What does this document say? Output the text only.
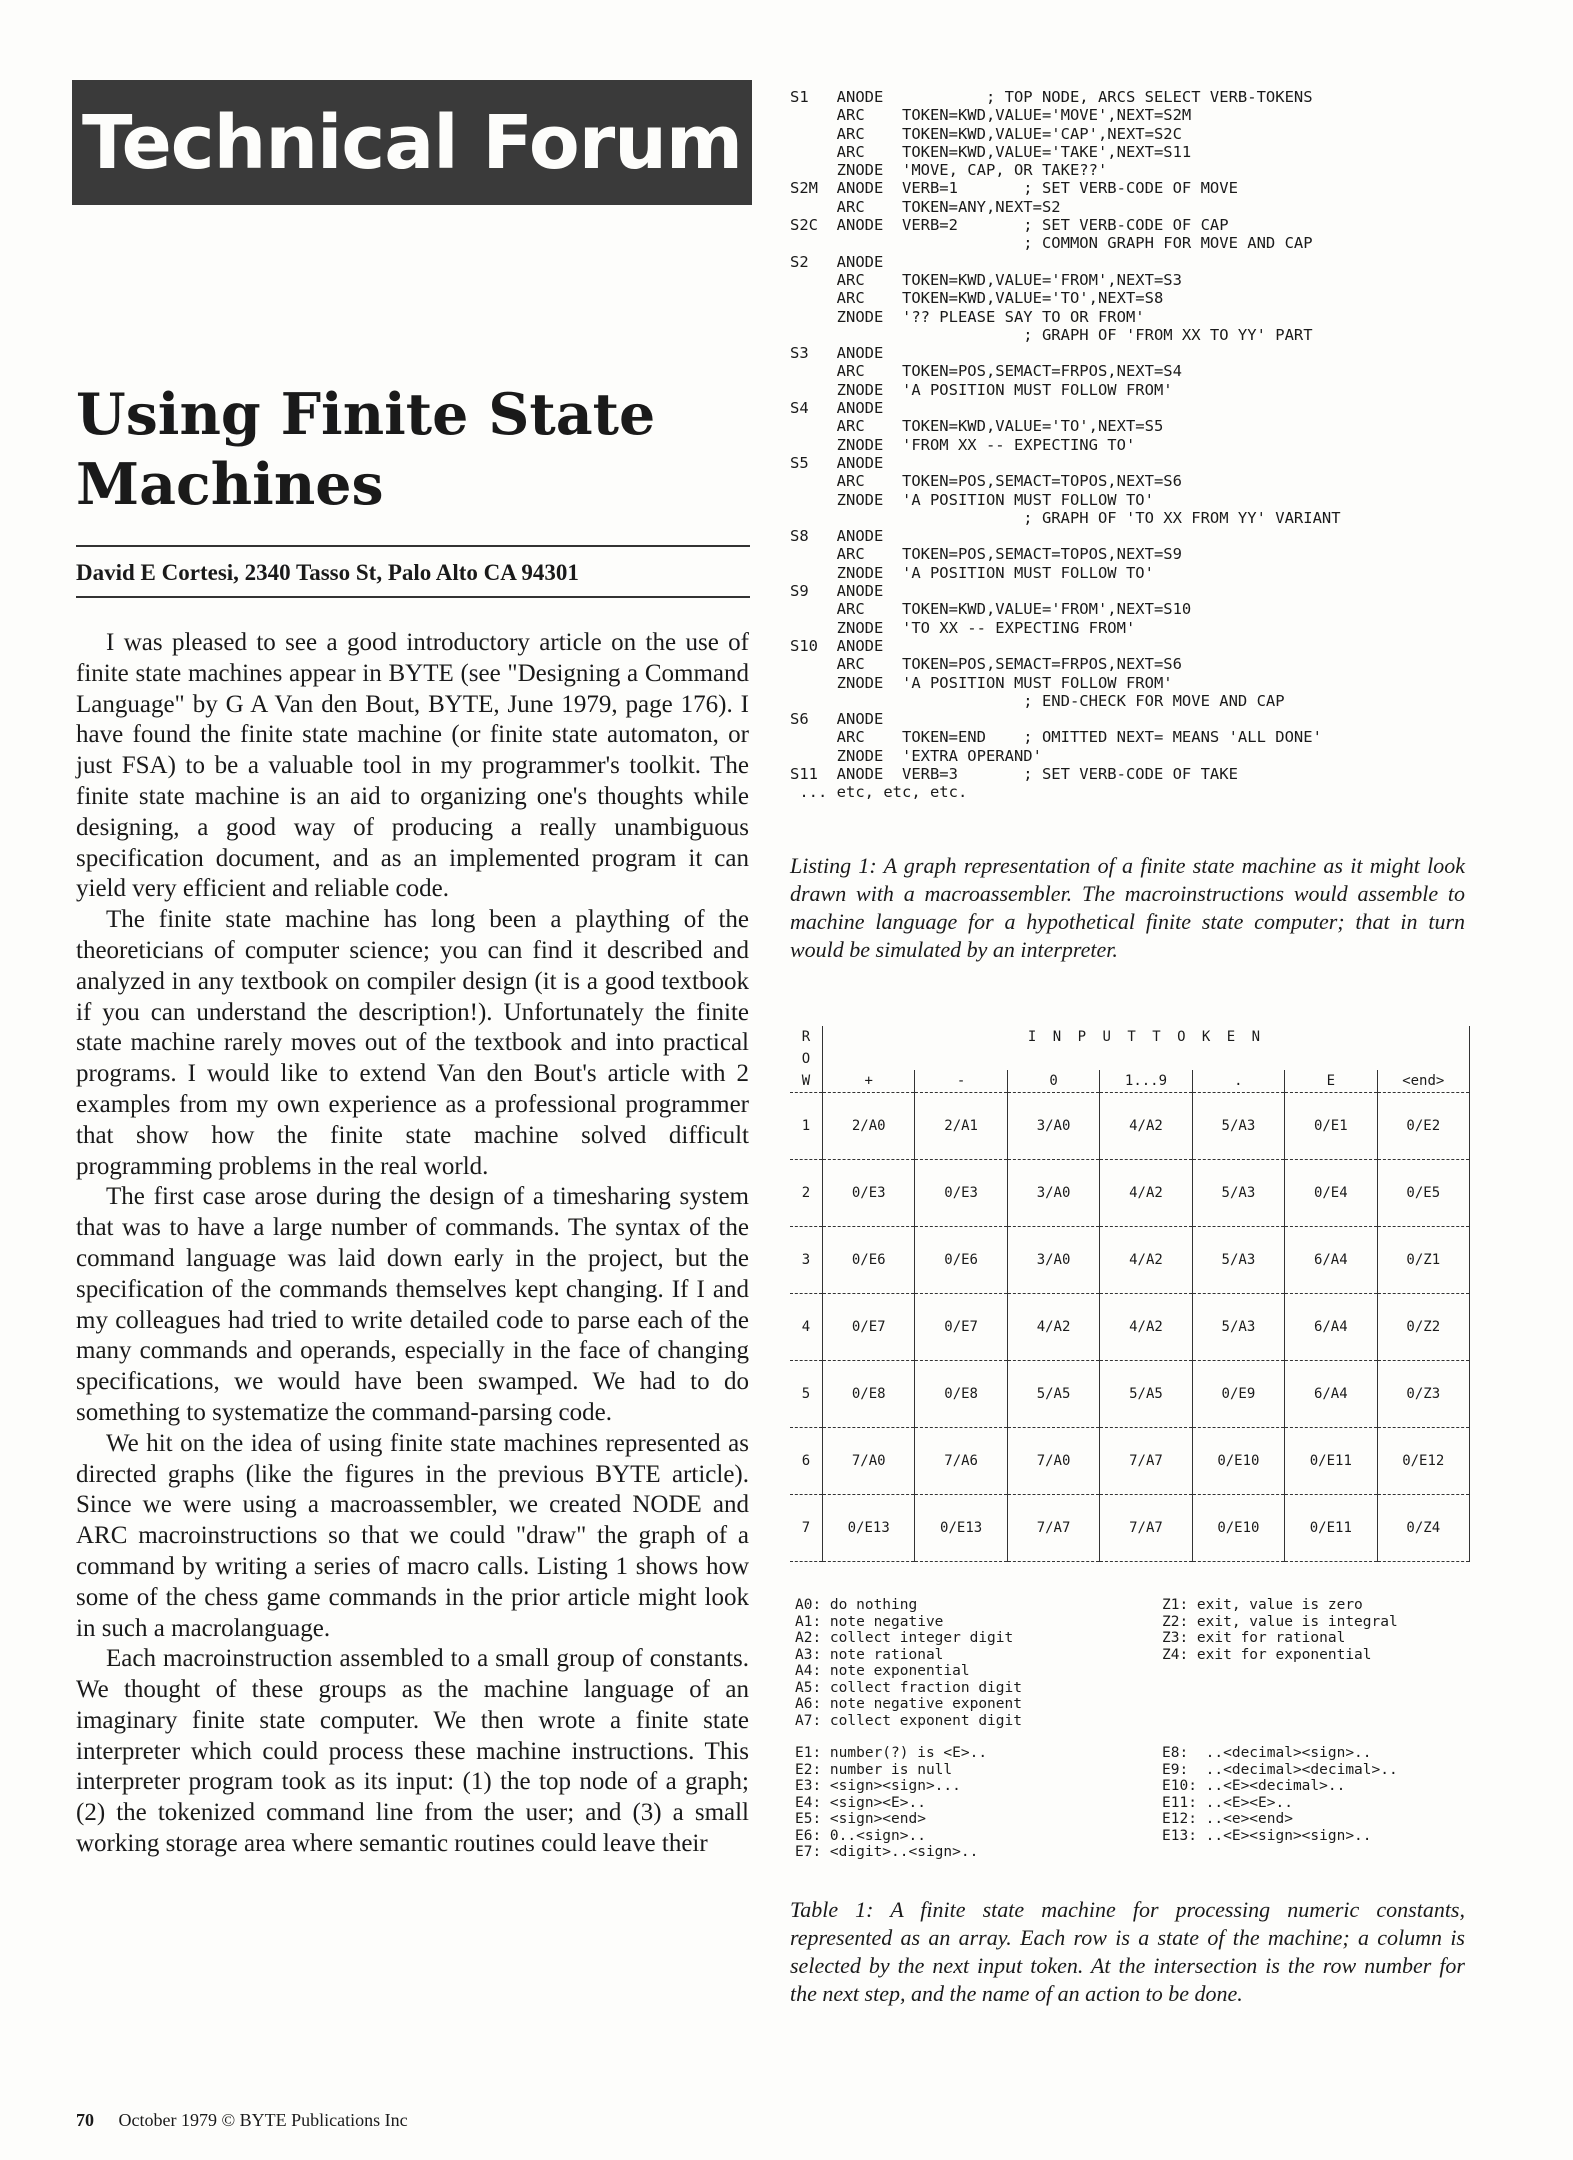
Technical Forum
Using Finite State
Machines
David E Cortesi, 2340 Tasso St, Palo Alto CA 94301

I was pleased to see a good introductory article on the use of finite state machines appear in BYTE (see "Designing a Command Language" by G A Van den Bout, BYTE, June 1979, page 176). I have found the finite state machine (or finite state automaton, or just FSA) to be a valuable tool in my programmer's toolkit. The finite state machine is an aid to organizing one's thoughts while designing, a good way of producing a really unambiguous specification document, and as an implemented program it can yield very efficient and reliable code.

The finite state machine has long been a plaything of the theoreticians of computer science; you can find it described and analyzed in any textbook on compiler design (it is a good textbook if you can understand the description!). Unfortunately the finite state machine rarely moves out of the textbook and into practical programs. I would like to extend Van den Bout's article with 2 examples from my own experience as a professional programmer that show how the finite state machine solved difficult programming problems in the real world.

The first case arose during the design of a timesharing system that was to have a large number of commands. The syntax of the command language was laid down early in the project, but the specification of the commands themselves kept changing. If I and my colleagues had tried to write detailed code to parse each of the many commands and operands, especially in the face of changing specifications, we would have been swamped. We had to do something to systematize the command-parsing code.

We hit on the idea of using finite state machines represented as directed graphs (like the figures in the previous BYTE article). Since we were using a macroassembler, we created NODE and ARC macroinstructions so that we could "draw" the graph of a command by writing a series of macro calls. Listing 1 shows how some of the chess game commands in the prior article might look in such a macrolanguage.

Each macroinstruction assembled to a small group of constants. We thought of these groups as the machine language of an imaginary finite state computer. We then wrote a finite state interpreter which could process these machine instructions. This interpreter program took as its input: (1) the top node of a graph; (2) the tokenized command line from the user; and (3) a small working storage area where semantic routines could leave their

70 October 1979 © BYTE Publications Inc
S1   ANODE           ; TOP NODE, ARCS SELECT VERB-TOKENS
ARC    TOKEN=KWD,VALUE='MOVE',NEXT=S2M
ARC    TOKEN=KWD,VALUE='CAP',NEXT=S2C
ARC    TOKEN=KWD,VALUE='TAKE',NEXT=S11
ZNODE  'MOVE, CAP, OR TAKE??'
S2M  ANODE  VERB=1       ; SET VERB-CODE OF MOVE
ARC    TOKEN=ANY,NEXT=S2
S2C  ANODE  VERB=2       ; SET VERB-CODE OF CAP
; COMMON GRAPH FOR MOVE AND CAP
S2   ANODE
ARC    TOKEN=KWD,VALUE='FROM',NEXT=S3
ARC    TOKEN=KWD,VALUE='TO',NEXT=S8
ZNODE  '?? PLEASE SAY TO OR FROM'
; GRAPH OF 'FROM XX TO YY' PART
S3   ANODE
ARC    TOKEN=POS,SEMACT=FRPOS,NEXT=S4
ZNODE  'A POSITION MUST FOLLOW FROM'
S4   ANODE
ARC    TOKEN=KWD,VALUE='TO',NEXT=S5
ZNODE  'FROM XX -- EXPECTING TO'
S5   ANODE
ARC    TOKEN=POS,SEMACT=TOPOS,NEXT=S6
ZNODE  'A POSITION MUST FOLLOW TO'
; GRAPH OF 'TO XX FROM YY' VARIANT
S8   ANODE
ARC    TOKEN=POS,SEMACT=TOPOS,NEXT=S9
ZNODE  'A POSITION MUST FOLLOW TO'
S9   ANODE
ARC    TOKEN=KWD,VALUE='FROM',NEXT=S10
ZNODE  'TO XX -- EXPECTING FROM'
S10  ANODE
ARC    TOKEN=POS,SEMACT=FRPOS,NEXT=S6
ZNODE  'A POSITION MUST FOLLOW FROM'
; END-CHECK FOR MOVE AND CAP
S6   ANODE
ARC    TOKEN=END    ; OMITTED NEXT= MEANS 'ALL DONE'
ZNODE  'EXTRA OPERAND'
S11  ANODE  VERB=3       ; SET VERB-CODE OF TAKE
... etc, etc, etc.
Listing 1: A graph representation of a finite state machine as it might look drawn with a macroassembler. The macroinstructions would assemble to machine language for a hypothetical finite state computer; that in turn would be simulated by an interpreter.
R	I N P U T T O K E N						
O							
W	+	-	0	1...9	.	E	<end>
1	2/A0	2/A1	3/A0	4/A2	5/A3	0/E1	0/E2
2	0/E3	0/E3	3/A0	4/A2	5/A3	0/E4	0/E5
3	0/E6	0/E6	3/A0	4/A2	5/A3	6/A4	0/Z1
4	0/E7	0/E7	4/A2	4/A2	5/A3	6/A4	0/Z2
5	0/E8	0/E8	5/A5	5/A5	0/E9	6/A4	0/Z3
6	7/A0	7/A6	7/A0	7/A7	0/E10	0/E11	0/E12
7	0/E13	0/E13	7/A7	7/A7	0/E10	0/E11	0/Z4
A0: do nothing
A1: note negative
A2: collect integer digit
A3: note rational
A4: note exponential
A5: collect fraction digit
A6: note negative exponent
A7: collect exponent digit
Z1: exit, value is zero
Z2: exit, value is integral
Z3: exit for rational
Z4: exit for exponential
E1: number(?) is <E>..
E2: number is null
E3: <sign><sign>...
E4: <sign><E>..
E5: <sign><end>
E6: 0..<sign>..
E7: <digit>..<sign>..
E8:  ..<decimal><sign>..
E9:  ..<decimal><decimal>..
E10: ..<E><decimal>..
E11: ..<E><E>..
E12: ..<e><end>
E13: ..<E><sign><sign>..
Table 1: A finite state machine for processing numeric constants, represented as an array. Each row is a state of the machine; a column is selected by the next input token. At the intersection is the row number for the next step, and the name of an action to be done.
